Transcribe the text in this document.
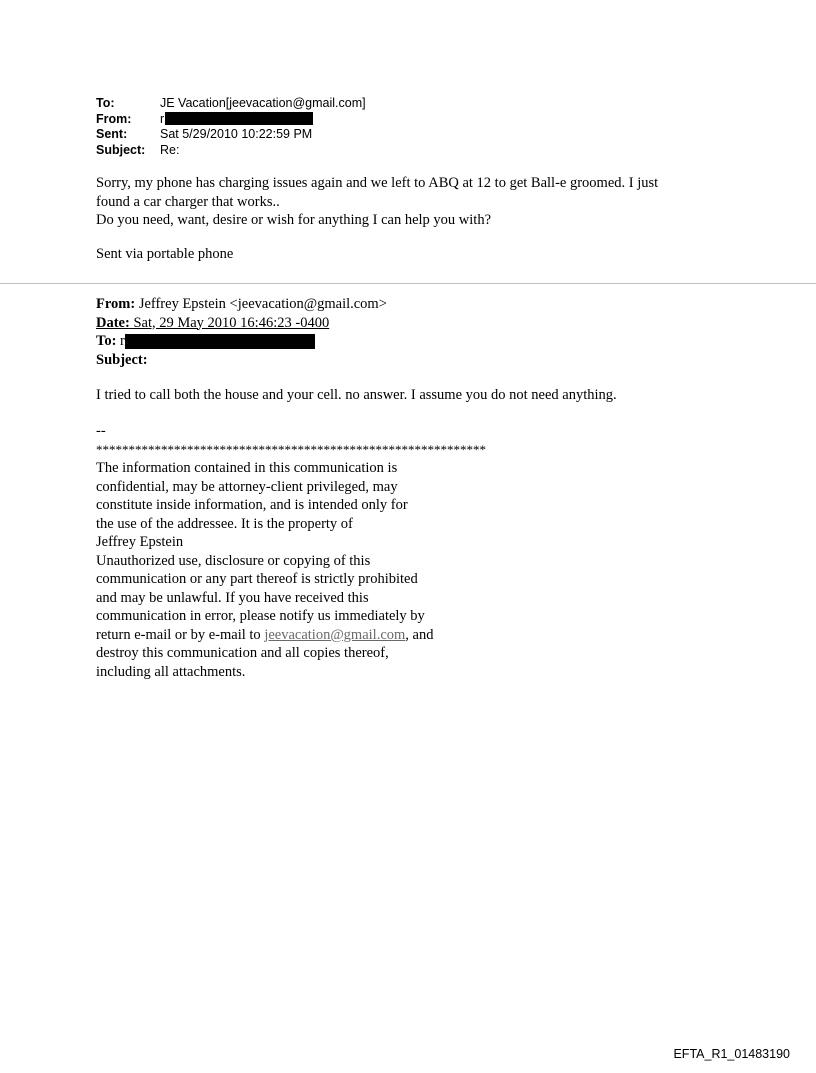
To:	JE Vacation[jeevacation@gmail.com]
From:	r
Sent:	Sat 5/29/2010 10:22:59 PM
Subject:	Re:

Sorry, my phone has charging issues again and we left to ABQ at 12 to get Ball-e groomed. I just

found a car charger that works..

Do you need, want, desire or wish for anything I can help you with?

Sent via portable phone
From: Jeffrey Epstein <jeevacation@gmail.com>
Date: Sat, 29 May 2010 16:46:23 -0400
To: r
Subject:
I tried to call both the house and your cell. no answer. I assume you do not need anything.
--
************************************************************
The information contained in this communication is
confidential, may be attorney-client privileged, may
constitute inside information, and is intended only for
the use of the addressee. It is the property of
Jeffrey Epstein
Unauthorized use, disclosure or copying of this
communication or any part thereof is strictly prohibited
and may be unlawful. If you have received this
communication in error, please notify us immediately by
return e-mail or by e-mail to jeevacation@gmail.com, and
destroy this communication and all copies thereof,
including all attachments.
EFTA_R1_01483190
